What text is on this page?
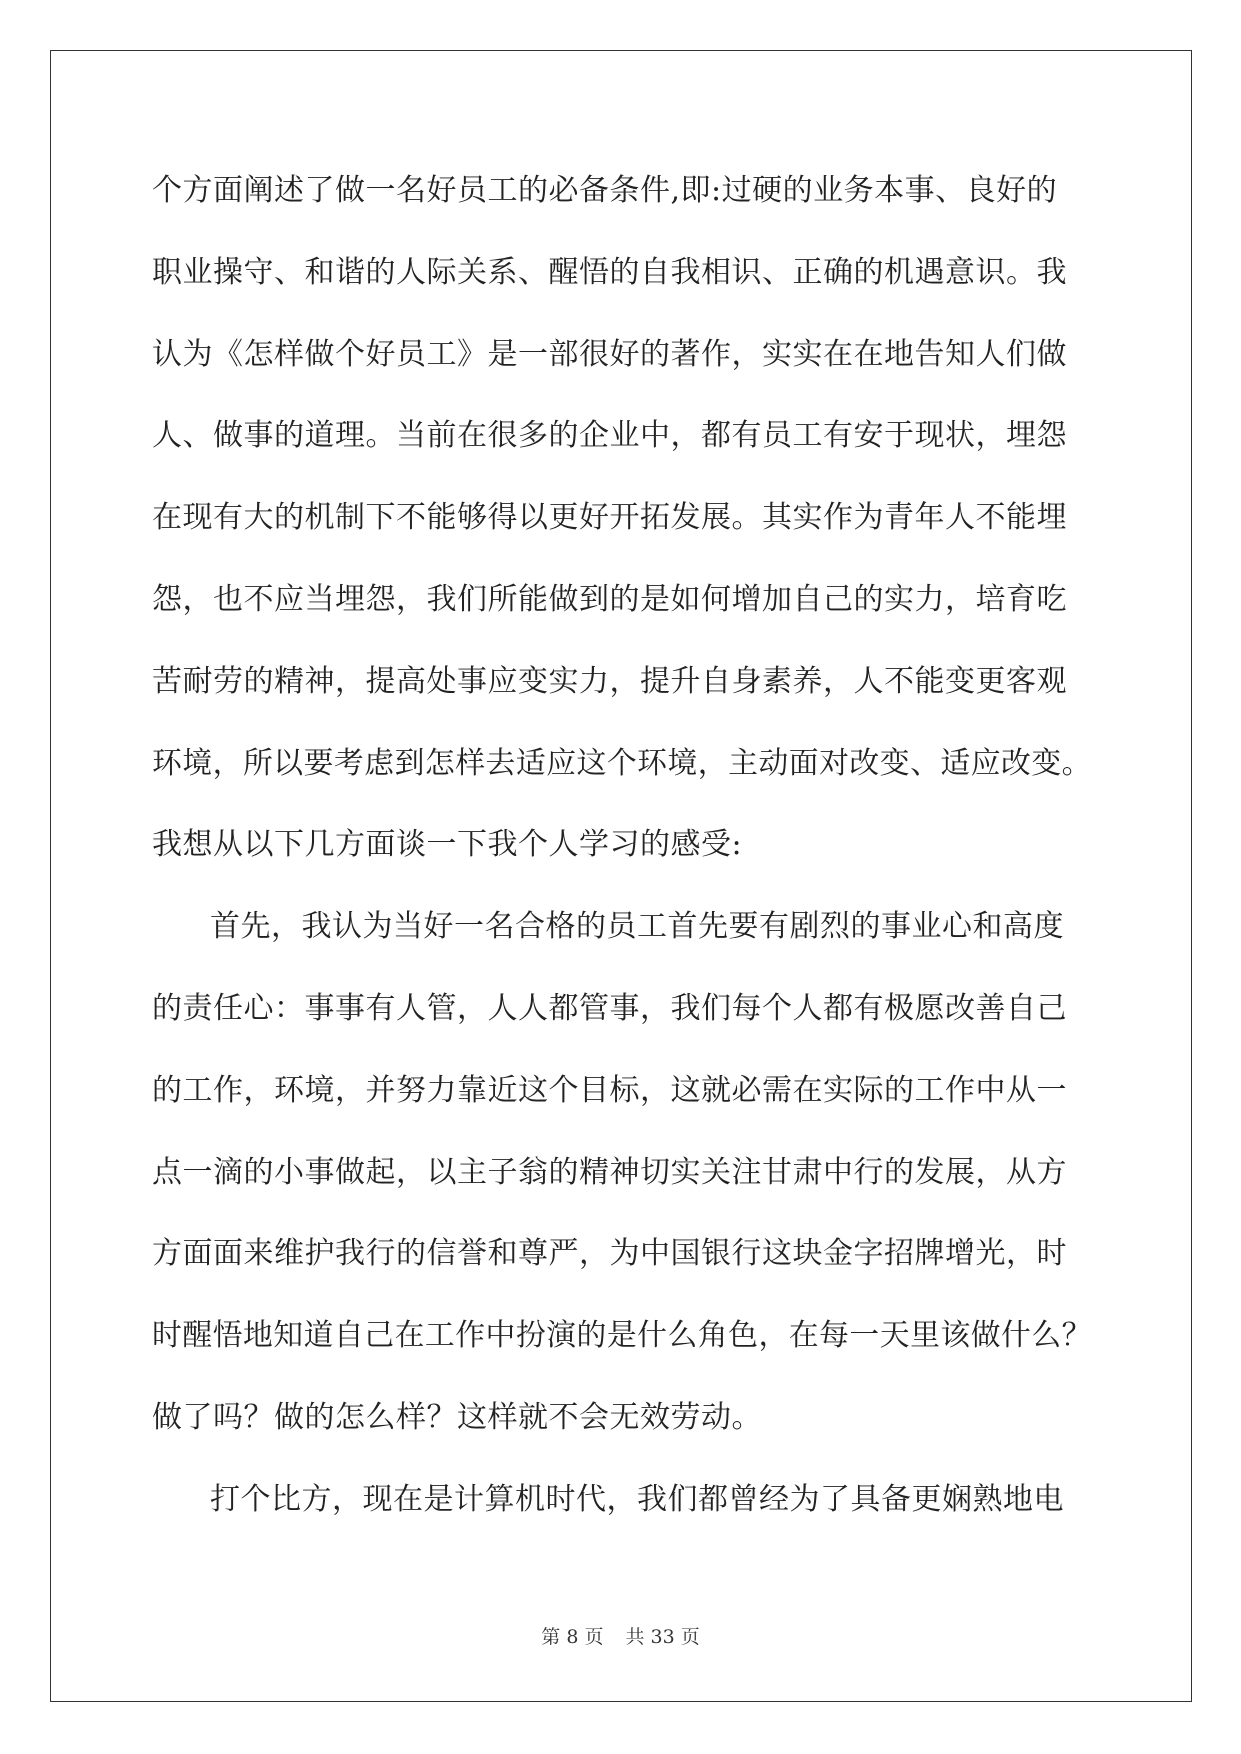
个方面阐述了做一名好员工的必备条件,即:过硬的业务本事、良好的
职业操守、和谐的人际关系、醒悟的自我相识、正确的机遇意识。我
认为《怎样做个好员工》是一部很好的著作，实实在在地告知人们做
人、做事的道理。当前在很多的企业中，都有员工有安于现状，埋怨
在现有大的机制下不能够得以更好开拓发展。其实作为青年人不能埋
怨，也不应当埋怨，我们所能做到的是如何增加自己的实力，培育吃
苦耐劳的精神，提高处事应变实力，提升自身素养，人不能变更客观
环境，所以要考虑到怎样去适应这个环境，主动面对改变、适应改变。
我想从以下几方面谈一下我个人学习的感受:
首先，我认为当好一名合格的员工首先要有剧烈的事业心和高度
的责任心：事事有人管，人人都管事，我们每个人都有极愿改善自己
的工作，环境，并努力靠近这个目标，这就必需在实际的工作中从一
点一滴的小事做起，以主子翁的精神切实关注甘肃中行的发展，从方
方面面来维护我行的信誉和尊严，为中国银行这块金字招牌增光，时
时醒悟地知道自己在工作中扮演的是什么角色，在每一天里该做什么？
做了吗？做的怎么样？这样就不会无效劳动。
打个比方，现在是计算机时代，我们都曾经为了具备更娴熟地电
第 8 页 共 33 页
